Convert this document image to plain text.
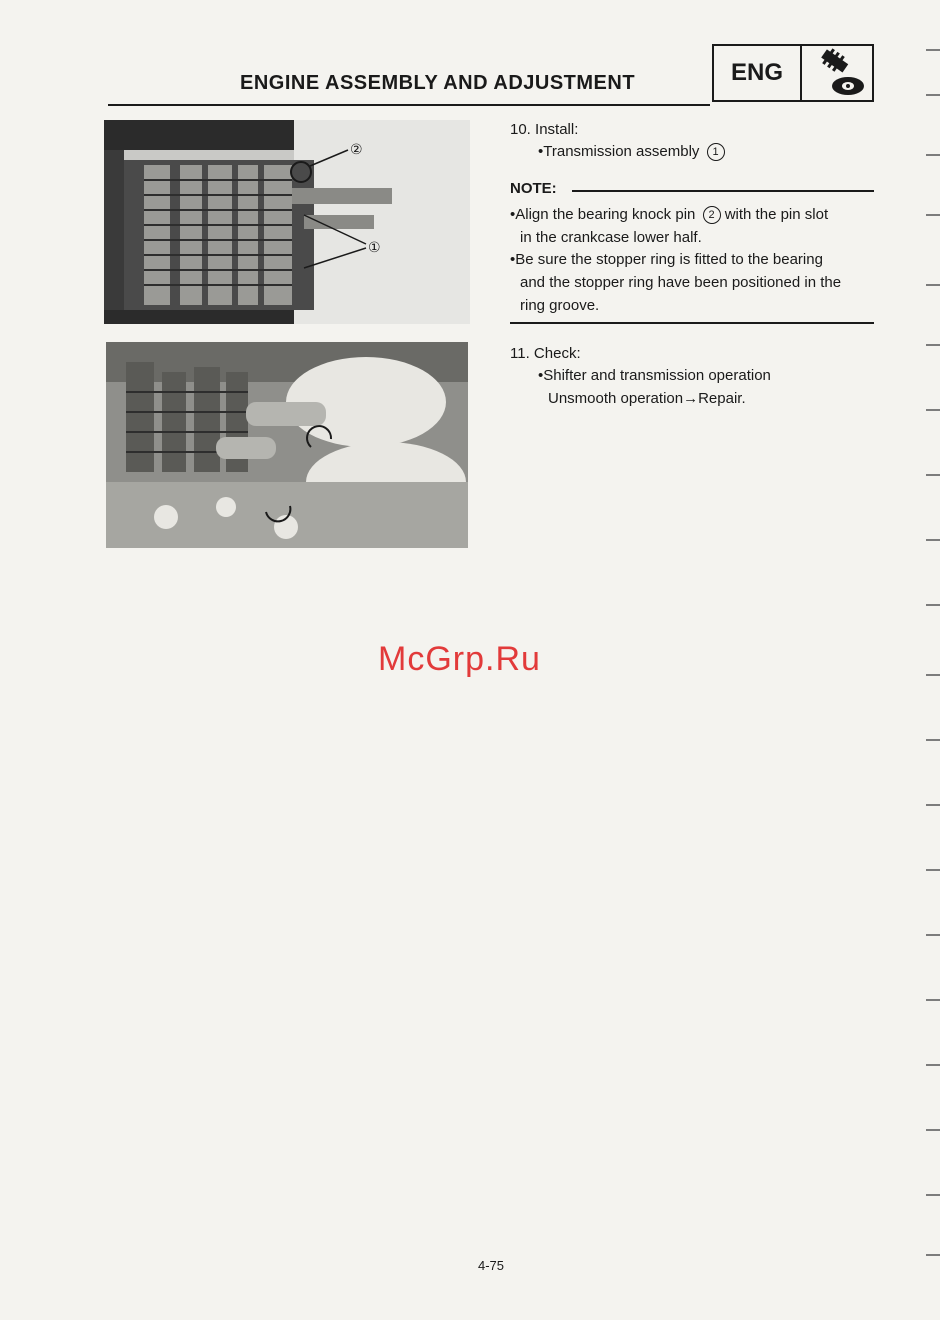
ENGINE ASSEMBLY AND ADJUSTMENT	ENG
②
①
10. Install:
•Transmission assembly 1
NOTE:
•Align the bearing knock pin 2 with the pin slot
in the crankcase lower half.
•Be sure the stopper ring is fitted to the bearing
and the stopper ring have been positioned in the
ring groove.
11. Check:
•Shifter and transmission operation
Unsmooth operation→Repair.
McGrp.Ru
4-75
